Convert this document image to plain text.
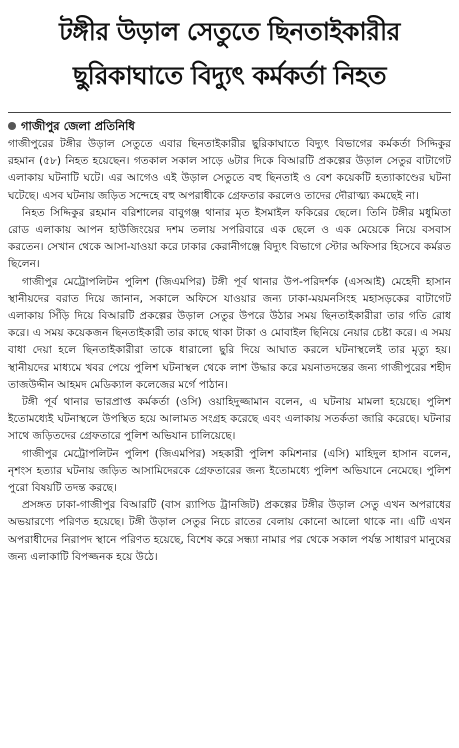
টঙ্গীর উড়াল সেতুতে ছিনতাইকারীর
ছুরিকাঘাতে বিদ্যুৎ কর্মকর্তা নিহত
গাজীপুর জেলা প্রতিনিধি

গাজীপুরের টঙ্গীর উড়াল সেতুতে এবার ছিনতাইকারীর ছুরিকাঘাতে বিদ্যুৎ বিভাগের কর্মকর্তা সিদ্দিকুর রহমান (৫৮) নিহত হয়েছেন। গতকাল সকাল সাড়ে ৬টার দিকে বিআরটি প্রকল্পের উড়াল সেতুর বাটাগেট এলাকায় ঘটনাটি ঘটে। এর আগেও এই উড়াল সেতুতে বহু ছিনতাই ও বেশ কয়েকটি হত্যাকাণ্ডের ঘটনা ঘটেছে। এসব ঘটনায় জড়িত সন্দেহে বহু অপরাধীকে গ্রেফতার করলেও তাদের দৌরাত্ম্য কমছেই না।

নিহত সিদ্দিকুর রহমান বরিশালের বাবুগঞ্জ থানার মৃত ইসমাইল ফকিরের ছেলে। তিনি টঙ্গীর মধুমিতা রোড এলাকায় আপন হাউজিংয়ের দশম তলায় সপরিবারে এক ছেলে ও এক মেয়েকে নিয়ে বসবাস করতেন। সেখান থেকে আসা-যাওয়া করে ঢাকার কেরানীগঞ্জে বিদ্যুৎ বিভাগে স্টোর অফিসার হিসেবে কর্মরত ছিলেন।

গাজীপুর মেট্রোপলিটন পুলিশ (জিএমপির) টঙ্গী পূর্ব থানার উপ-পরিদর্শক (এসআই) মেহেদী হাসান স্থানীয়দের বরাত দিয়ে জানান, সকালে অফিসে যাওয়ার জন্য ঢাকা-ময়মনসিংহ মহাসড়কের বাটাগেট এলাকায় সিঁড়ি দিয়ে বিআরটি প্রকল্পের উড়াল সেতুর উপরে উঠার সময় ছিনতাইকারীরা তার গতি রোধ করে। এ সময় কয়েকজন ছিনতাইকারী তার কাছে থাকা টাকা ও মোবাইল ছিনিয়ে নেয়ার চেষ্টা করে। এ সময় বাধা দেয়া হলে ছিনতাইকারীরা তাকে ধারালো ছুরি দিয়ে আঘাত করলে ঘটনাস্থলেই তার মৃত্যু হয়। স্থানীয়দের মাধ্যমে খবর পেয়ে পুলিশ ঘটনাস্থল থেকে লাশ উদ্ধার করে ময়নাতদন্তের জন্য গাজীপুরের শহীদ তাজউদ্দীন আহমদ মেডিক্যাল কলেজের মর্গে পাঠান।

টঙ্গী পূর্ব থানার ভারপ্রাপ্ত কর্মকর্তা (ওসি) ওয়াহিদুজ্জামান বলেন, এ ঘটনায় মামলা হয়েছে। পুলিশ ইতোমধ্যেই ঘটনাস্থলে উপস্থিত হয়ে আলামত সংগ্রহ করেছে এবং এলাকায় সতর্কতা জারি করেছে। ঘটনার সাথে জড়িতদের গ্রেফতারে পুলিশ অভিযান চালিয়েছে।

গাজীপুর মেট্রোপলিটন পুলিশ (জিএমপির) সহকারী পুলিশ কমিশনার (এসি) মাহিদুল হাসান বলেন, নৃশংস হত্যার ঘটনায় জড়িত আসামিদেরকে গ্রেফতারের জন্য ইতোমধ্যে পুলিশ অভিযানে নেমেছে। পুলিশ পুরো বিষয়টি তদন্ত করছে।

প্রসঙ্গত ঢাকা-গাজীপুর বিআরটি (বাস র‍্যাপিড ট্রানজিট) প্রকল্পের টঙ্গীর উড়াল সেতু এখন অপরাধের অভয়ারণ্যে পরিণত হয়েছে। টঙ্গী উড়াল সেতুর নিচে রাতের বেলায় কোনো আলো থাকে না। এটি এখন অপরাধীদের নিরাপদ স্থানে পরিণত হয়েছে, বিশেষ করে সন্ধ্যা নামার পর থেকে সকাল পর্যন্ত সাধারণ মানুষের জন্য এলাকাটি বিপজ্জনক হয়ে উঠে।
